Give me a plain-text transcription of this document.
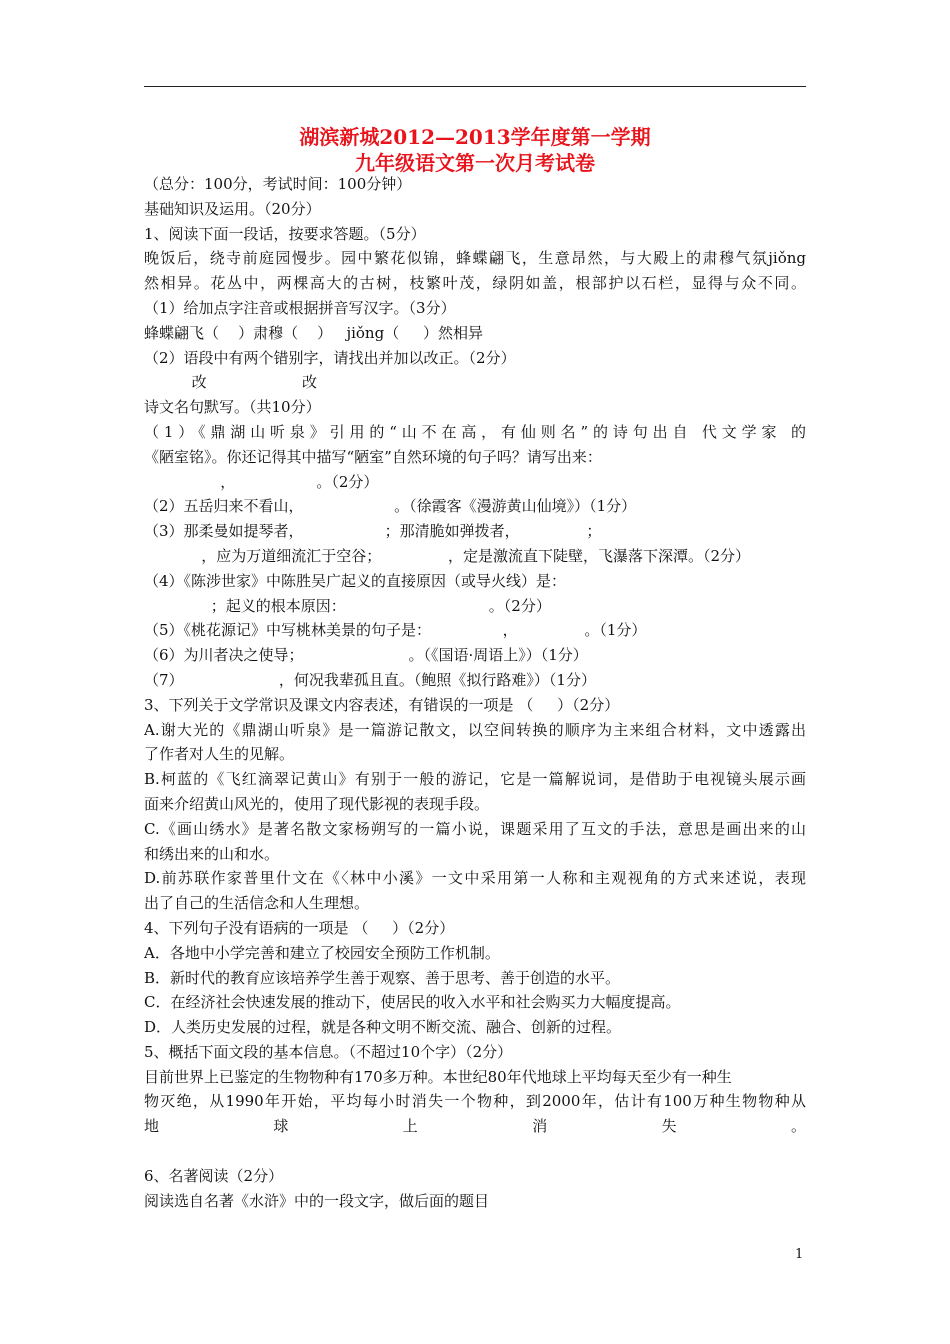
湖滨新城2012—2013学年度第一学期
九年级语文第一次月考试卷
（总分：100分，考试时间：100分钟）
基础知识及运用。（20分）
1、阅读下面一段话，按要求答题。（5分）
晚饭后，绕寺前庭园慢步。园中繁花似锦，蜂蝶翩飞，生意昂然，与大殿上的肃穆气氛jiǒng
然相异。花丛中，两棵高大的古树，枝繁叶茂，绿阴如盖，根部护以石栏，显得与众不同。
（1）给加点字注音或根据拼音写汉字。（3分）
蜂蝶翩飞（    ）肃穆（    ）   jiǒng（     ）然相异
（2）语段中有两个错别字，请找出并加以改正。（2分）
改                    改
诗文名句默写。（共10分）
（1）《鼎湖山听泉》引用的“山不在高，有仙则名”的诗句出自 代文学家 的
《陋室铭》。你还记得其中描写“陋室”自然环境的句子吗？请写出来：
，                 。（2分）
（2）五岳归来不看山，                   。（徐霞客《漫游黄山仙境》）（1分）
（3）那柔曼如提琴者，                 ；那清脆如弹拨者，              ；
，应为万道细流汇于空谷；              ，定是激流直下陡壁，飞瀑落下深潭。（2分）
（4）《陈涉世家》中陈胜吴广起义的直接原因（或导火线）是：
；起义的根本原因：                              。（2分）
（5）《桃花源记》中写桃林美景的句子是：               ，              。（1分）
（6）为川者决之使导；                      。（《国语·周语上》）（1分）
（7）                    ，何况我辈孤且直。（鲍照《拟行路难》）（1分）
3、下列关于文学常识及课文内容表述，有错误的一项是 （     ）（2分）
A.谢大光的《鼎湖山听泉》是一篇游记散文，以空间转换的顺序为主来组合材料，文中透露出
了作者对人生的见解。
B.柯蓝的《飞红滴翠记黄山》有别于一般的游记，它是一篇解说词，是借助于电视镜头展示画
面来介绍黄山风光的，使用了现代影视的表现手段。
C.《画山绣水》是著名散文家杨朔写的一篇小说，课题采用了互文的手法，意思是画出来的山
和绣出来的山和水。
D.前苏联作家普里什文在《〈林中小溪》一文中采用第一人称和主观视角的方式来述说，表现
出了自己的生活信念和人生理想。
4、下列句子没有语病的一项是 （     ）（2分）
A．各地中小学完善和建立了校园安全预防工作机制。
B．新时代的教育应该培养学生善于观察、善于思考、善于创造的水平。
C．在经济社会快速发展的推动下，使居民的收入水平和社会购买力大幅度提高。
D．人类历史发展的过程，就是各种文明不断交流、融合、创新的过程。
5、概括下面文段的基本信息。（不超过10个字）（2分）
目前世界上已鉴定的生物物种有170多万种。本世纪80年代地球上平均每天至少有一种生
物灭绝，从1990年开始，平均每小时消失一个物种，到2000年，估计有100万种生物物种从
地球上消失。
6、名著阅读（2分）
阅读选自名著《水浒》中的一段文字，做后面的题目
1
